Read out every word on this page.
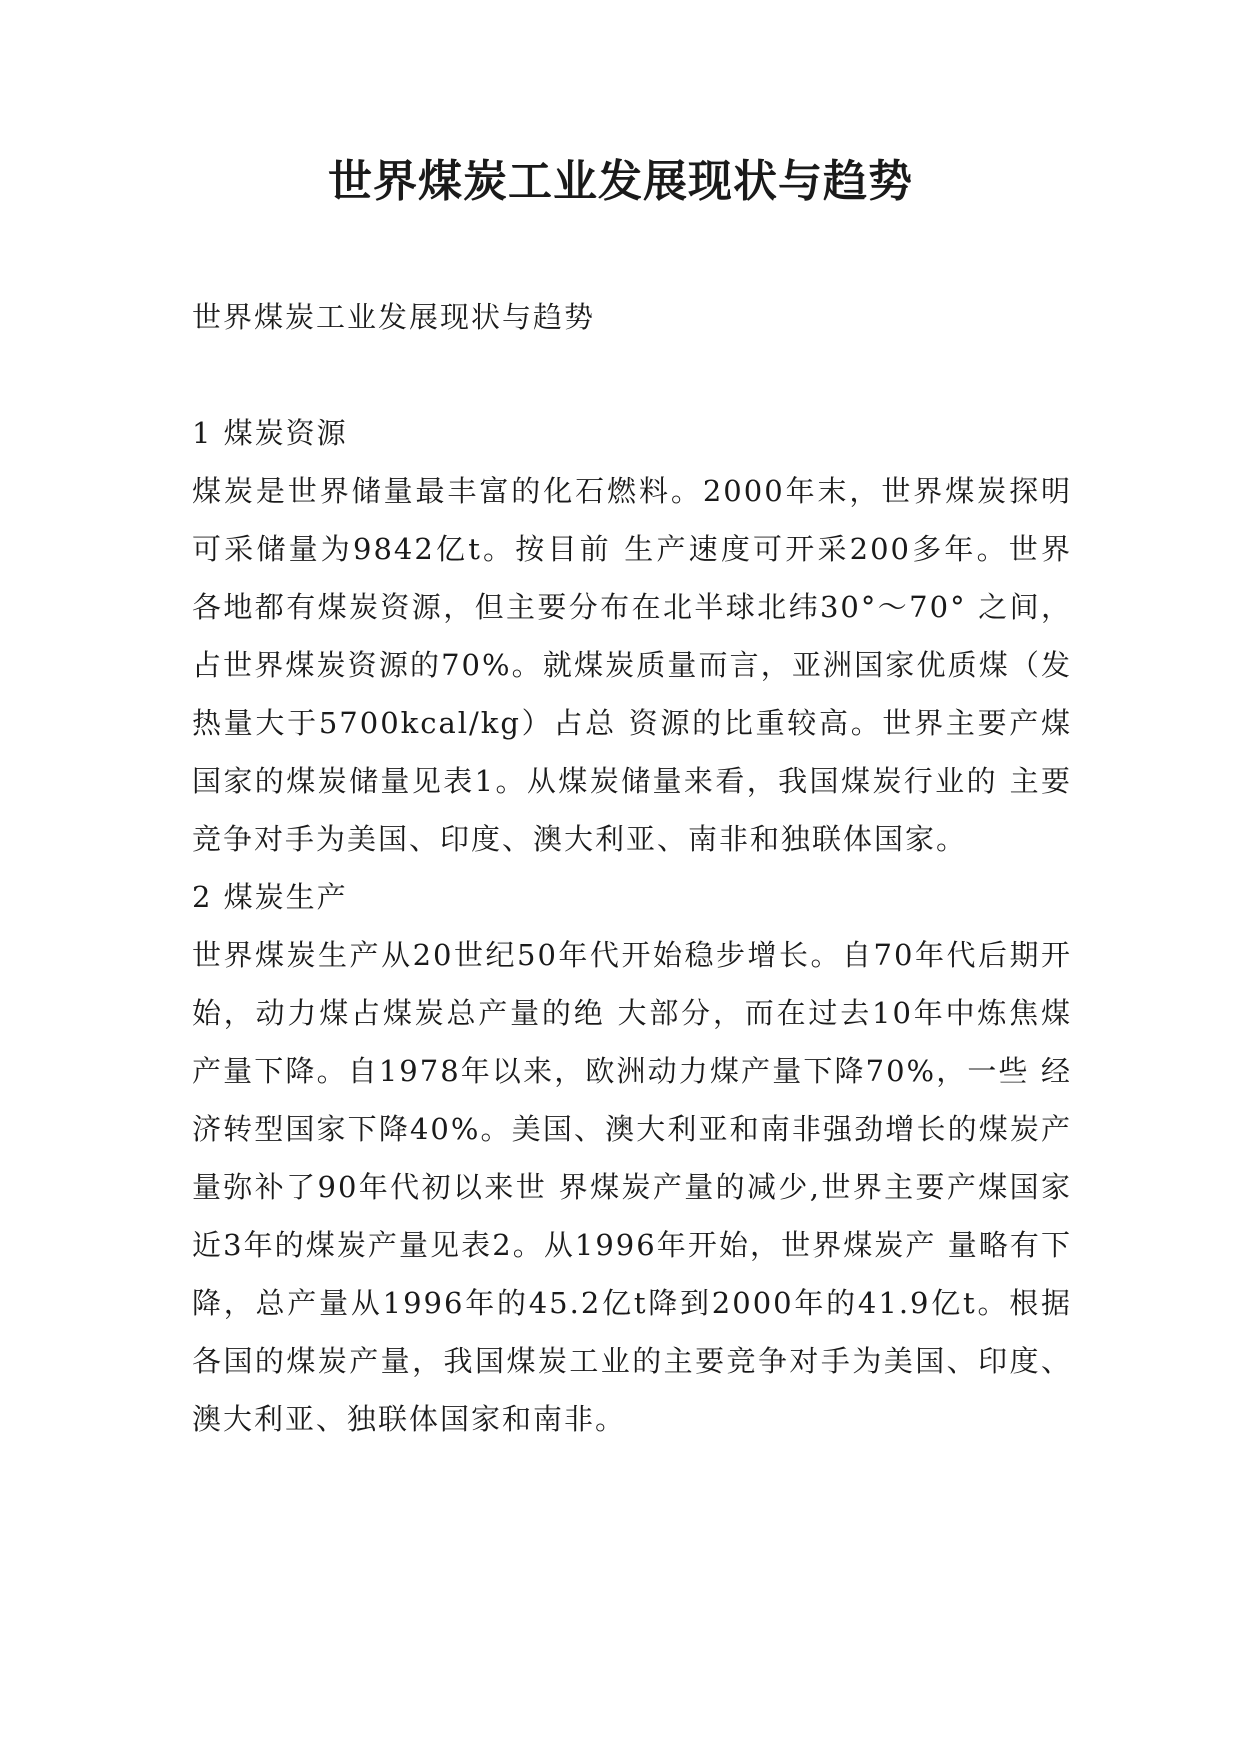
世界煤炭工业发展现状与趋势

世界煤炭工业发展现状与趋势

1 煤炭资源

煤炭是世界储量最丰富的化石燃料。2000年末，世界煤炭探明可采储量为9842亿t。按目前 生产速度可开采200多年。世界各地都有煤炭资源，但主要分布在北半球北纬30°～70° 之间， 占世界煤炭资源的70%。就煤炭质量而言，亚洲国家优质煤（发热量大于5700kcal/kg）占总 资源的比重较高。世界主要产煤国家的煤炭储量见表1。从煤炭储量来看，我国煤炭行业的 主要竞争对手为美国、印度、澳大利亚、南非和独联体国家。

2 煤炭生产

世界煤炭生产从20世纪50年代开始稳步增长。自70年代后期开始，动力煤占煤炭总产量的绝 大部分，而在过去10年中炼焦煤产量下降。自1978年以来，欧洲动力煤产量下降70%，一些 经济转型国家下降40%。美国、澳大利亚和南非强劲增长的煤炭产量弥补了90年代初以来世 界煤炭产量的减少,世界主要产煤国家近3年的煤炭产量见表2。从1996年开始，世界煤炭产 量略有下降，总产量从1996年的45.2亿t降到2000年的41.9亿t。根据各国的煤炭产量，我国煤炭工业的主要竞争对手为美国、印度、澳大利亚、独联体国家和南非。
